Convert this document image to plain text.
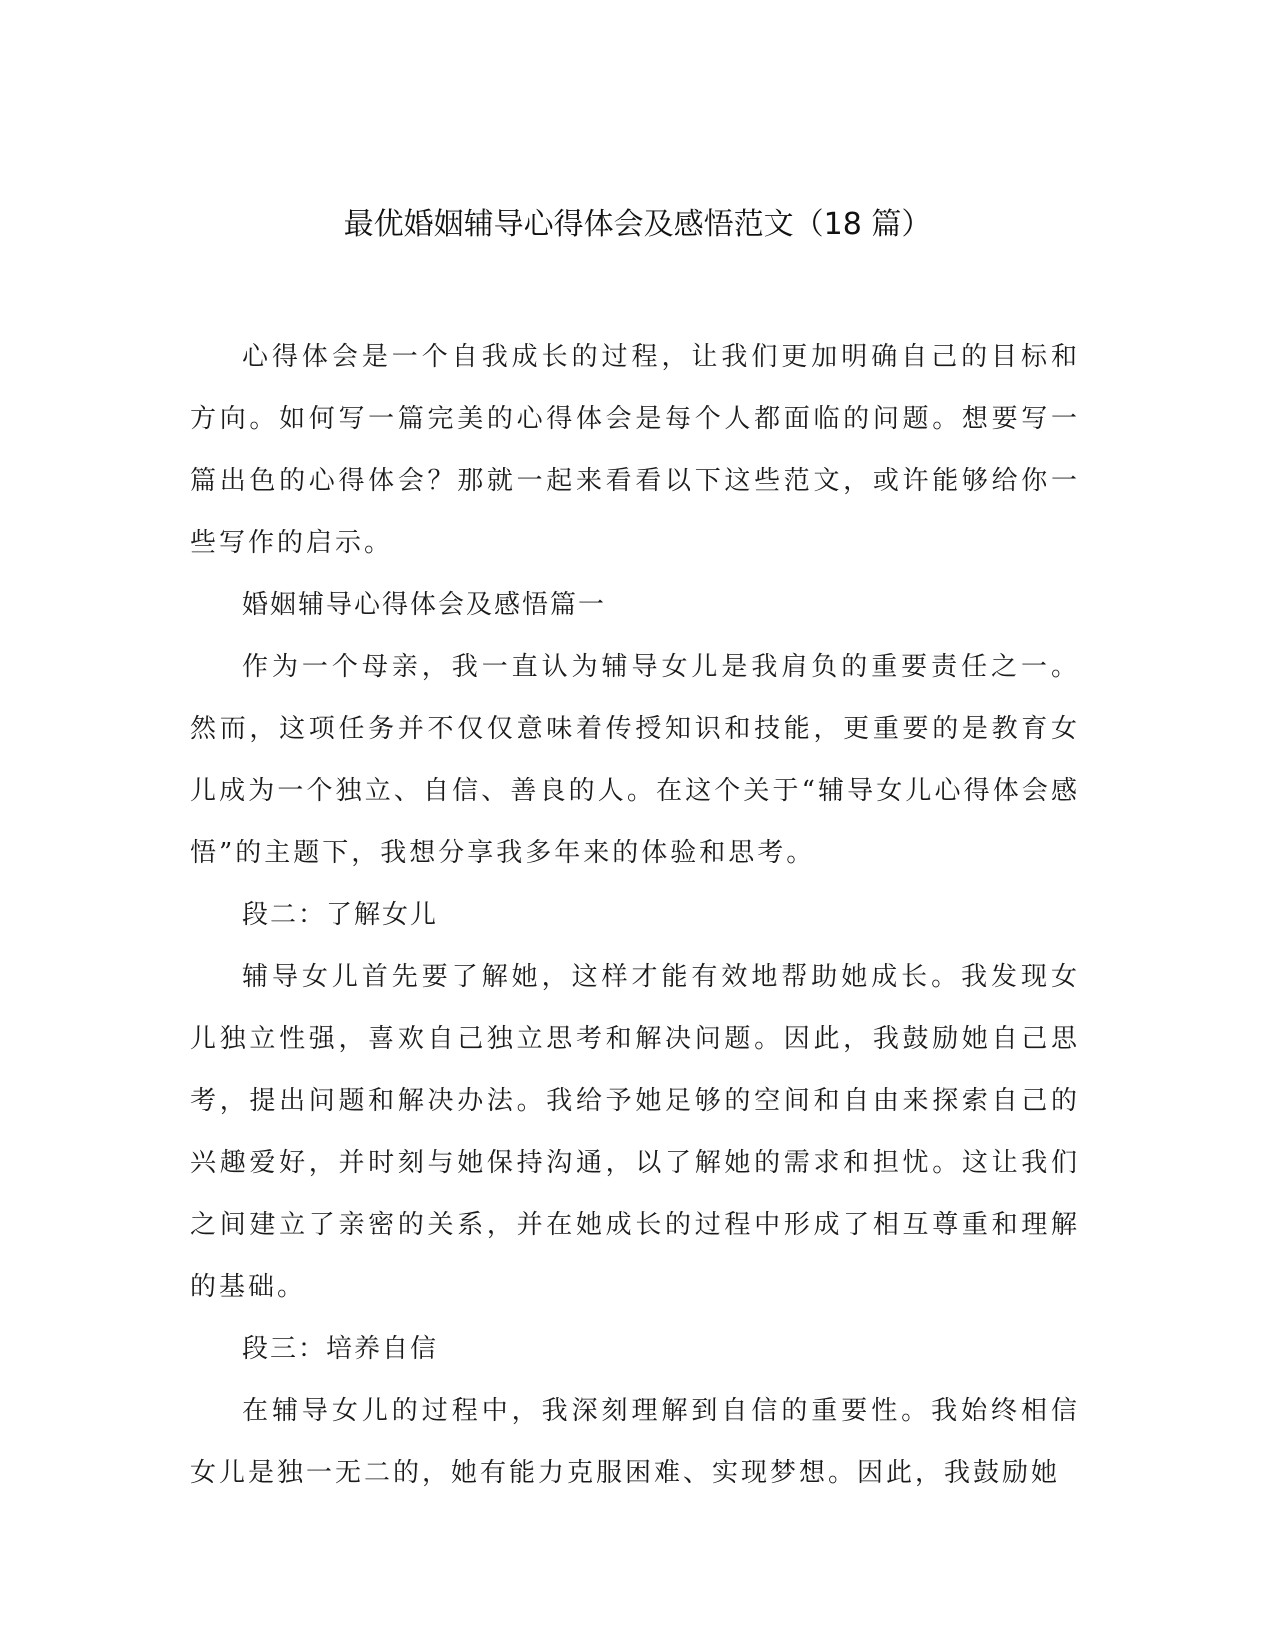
最优婚姻辅导心得体会及感悟范文（18 篇）

心得体会是一个自我成长的过程，让我们更加明确自己的目标和方向。如何写一篇完美的心得体会是每个人都面临的问题。想要写一篇出色的心得体会？那就一起来看看以下这些范文，或许能够给你一些写作的启示。

婚姻辅导心得体会及感悟篇一

作为一个母亲，我一直认为辅导女儿是我肩负的重要责任之一。然而，这项任务并不仅仅意味着传授知识和技能，更重要的是教育女儿成为一个独立、自信、善良的人。在这个关于“辅导女儿心得体会感悟”的主题下，我想分享我多年来的体验和思考。

段二：了解女儿

辅导女儿首先要了解她，这样才能有效地帮助她成长。我发现女儿独立性强，喜欢自己独立思考和解决问题。因此，我鼓励她自己思考，提出问题和解决办法。我给予她足够的空间和自由来探索自己的兴趣爱好，并时刻与她保持沟通，以了解她的需求和担忧。这让我们之间建立了亲密的关系，并在她成长的过程中形成了相互尊重和理解的基础。

段三：培养自信

在辅导女儿的过程中，我深刻理解到自信的重要性。我始终相信女儿是独一无二的，她有能力克服困难、实现梦想。因此，我鼓励她
